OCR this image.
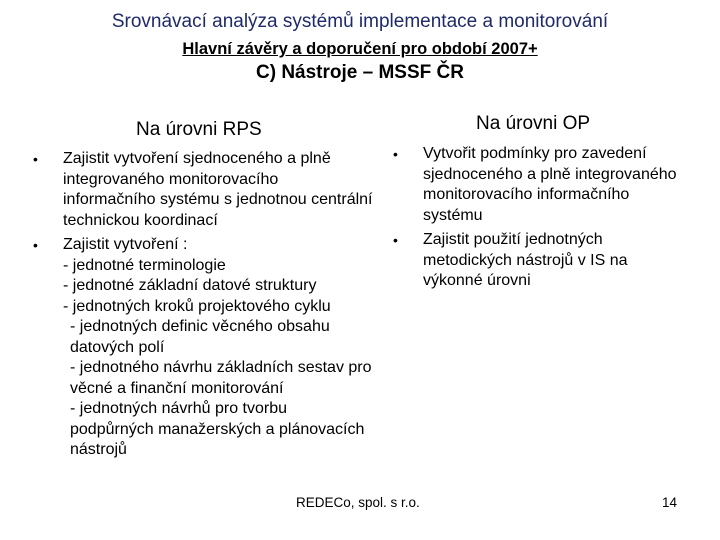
Srovnávací analýza systémů implementace a monitorování
Hlavní závěry a doporučení pro období 2007+
C) Nástroje – MSSF ČR
Na úrovni RPS	Na úrovni OP
•	Zajistit vytvoření sjednoceného a plně integrovaného monitorovacího informačního systému s jednotnou centrální technickou koordinací
•	Zajistit vytvoření :
- jednotné terminologie
- jednotné základní datové struktury
- jednotných kroků projektového cyklu
- jednotných definic věcného obsahu datových polí
- jednotného návrhu základních sestav pro věcné a finanční monitorování
- jednotných návrhů pro tvorbu podpůrných manažerských a plánovacích nástrojů
•	Vytvořit podmínky pro zavedení sjednoceného a plně integrovaného monitorovacího informačního systému
•	Zajistit použití jednotných metodických nástrojů v IS na výkonné úrovni
REDECo, spol. s r.o.	14
